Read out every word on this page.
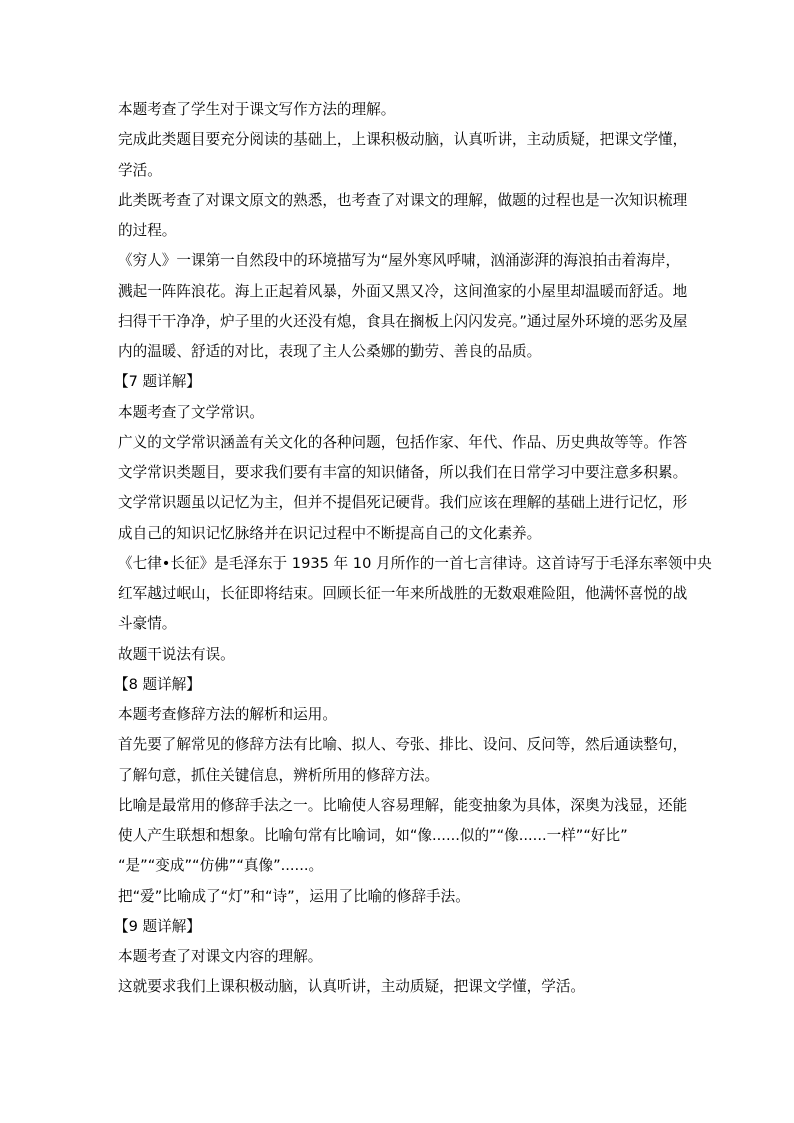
本题考查了学生对于课文写作方法的理解。
完成此类题目要充分阅读的基础上，上课积极动脑，认真听讲，主动质疑，把课文学懂，
学活。
此类既考查了对课文原文的熟悉，也考查了对课文的理解，做题的过程也是一次知识梳理
的过程。
《穷人》一课第一自然段中的环境描写为“屋外寒风呼啸，汹涌澎湃的海浪拍击着海岸，
溅起一阵阵浪花。海上正起着风暴，外面又黑又冷，这间渔家的小屋里却温暖而舒适。地
扫得干干净净，炉子里的火还没有熄，食具在搁板上闪闪发亮。”通过屋外环境的恶劣及屋
内的温暖、舒适的对比，表现了主人公桑娜的勤劳、善良的品质。
【7 题详解】
本题考查了文学常识。
广义的文学常识涵盖有关文化的各种问题，包括作家、年代、作品、历史典故等等。作答
文学常识类题目，要求我们要有丰富的知识储备，所以我们在日常学习中要注意多积累。
文学常识题虽以记忆为主，但并不提倡死记硬背。我们应该在理解的基础上进行记忆，形
成自己的知识记忆脉络并在识记过程中不断提高自己的文化素养。
《七律•长征》是毛泽东于 1935 年 10 月所作的一首七言律诗。这首诗写于毛泽东率领中央
红军越过岷山，长征即将结束。回顾长征一年来所战胜的无数艰难险阻，他满怀喜悦的战
斗豪情。
故题干说法有误。
【8 题详解】
本题考查修辞方法的解析和运用。
首先要了解常见的修辞方法有比喻、拟人、夸张、排比、设问、反问等，然后通读整句，
了解句意，抓住关键信息，辨析所用的修辞方法。
比喻是最常用的修辞手法之一。比喻使人容易理解，能变抽象为具体，深奥为浅显，还能
使人产生联想和想象。比喻句常有比喻词，如“像......似的”“像......一样”“好比”
“是”“变成”“仿佛”“真像”......。
把“爱”比喻成了“灯”和“诗”，运用了比喻的修辞手法。
【9 题详解】
本题考查了对课文内容的理解。
这就要求我们上课积极动脑，认真听讲，主动质疑，把课文学懂，学活。
